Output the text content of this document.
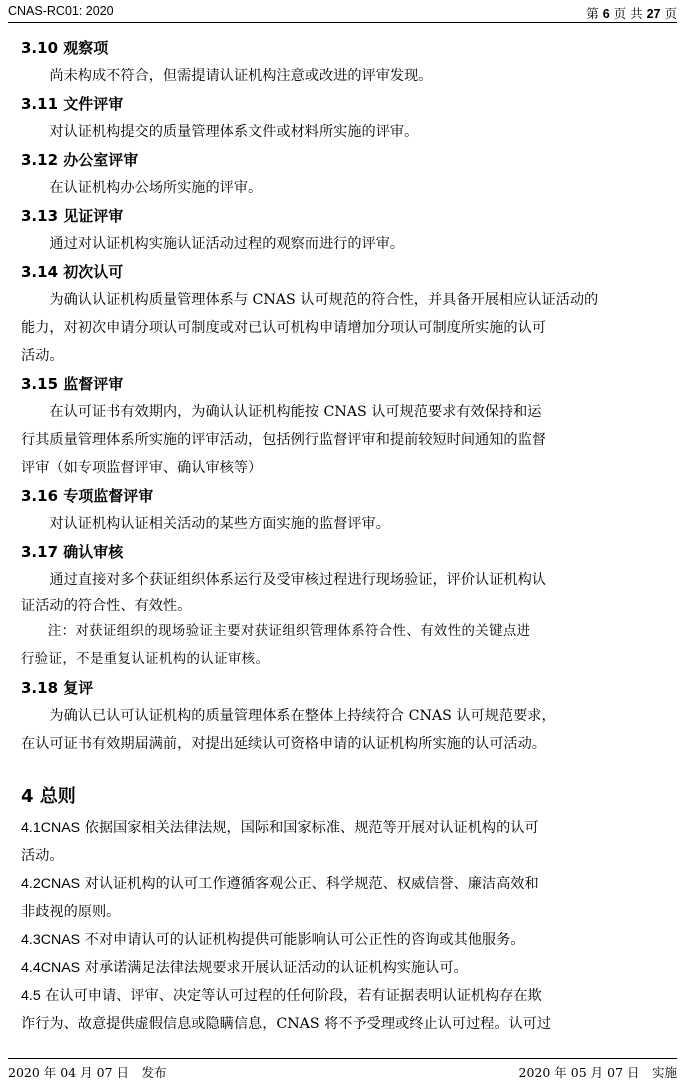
CNAS-RC01: 2020	第 6 页 共 27 页
3.10 观察项
尚未构成不符合，但需提请认证机构注意或改进的评审发现。
3.11 文件评审
对认证机构提交的质量管理体系文件或材料所实施的评审。
3.12 办公室评审
在认证机构办公场所实施的评审。
3.13 见证评审
通过对认证机构实施认证活动过程的观察而进行的评审。
3.14 初次认可
为确认认证机构质量管理体系与 CNAS 认可规范的符合性，并具备开展相应认证活动的
能力，对初次申请分项认可制度或对已认可机构申请增加分项认可制度所实施的认可
活动。
3.15 监督评审
在认可证书有效期内，为确认认证机构能按 CNAS 认可规范要求有效保持和运
行其质量管理体系所实施的评审活动，包括例行监督评审和提前较短时间通知的监督
评审（如专项监督评审、确认审核等）
3.16 专项监督评审
对认证机构认证相关活动的某些方面实施的监督评审。
3.17 确认审核
通过直接对多个获证组织体系运行及受审核过程进行现场验证，评价认证机构认
证活动的符合性、有效性。
注：对获证组织的现场验证主要对获证组织管理体系符合性、有效性的关键点进
行验证，不是重复认证机构的认证审核。
3.18 复评
为确认已认可认证机构的质量管理体系在整体上持续符合 CNAS 认可规范要求，
在认可证书有效期届满前，对提出延续认可资格申请的认证机构所实施的认可活动。
4 总则
4.1CNAS 依据国家相关法律法规，国际和国家标准、规范等开展对认证机构的认可
活动。
4.2CNAS 对认证机构的认可工作遵循客观公正、科学规范、权威信誉、廉洁高效和
非歧视的原则。
4.3CNAS 不对申请认可的认证机构提供可能影响认可公正性的咨询或其他服务。
4.4CNAS 对承诺满足法律法规要求开展认证活动的认证机构实施认可。
4.5 在认可申请、评审、决定等认可过程的任何阶段，若有证据表明认证机构存在欺
诈行为、故意提供虚假信息或隐瞒信息，CNAS 将不予受理或终止认可过程。认可过
2020 年 04 月 07 日　发布	2020 年 05 月 07 日　实施
